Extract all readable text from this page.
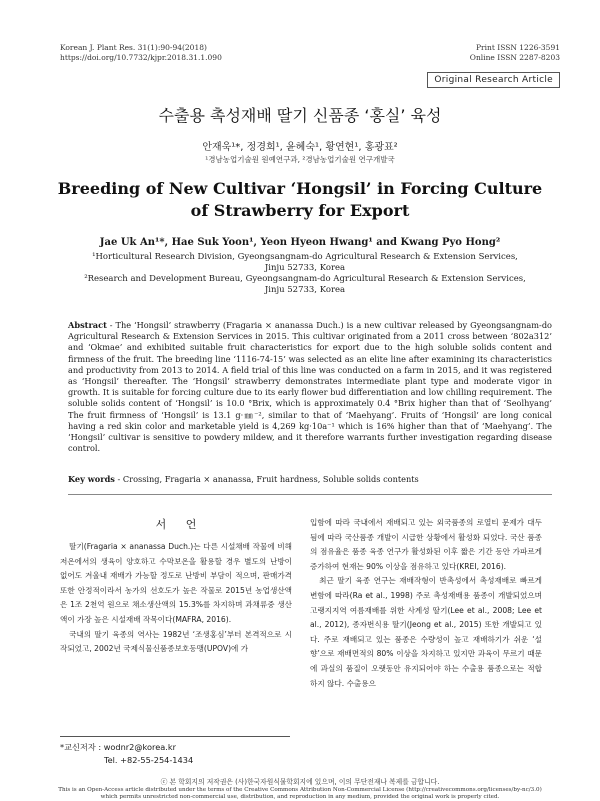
Korean J. Plant Res. 31(1):90-94(2018)
https://doi.org/10.7732/kjpr.2018.31.1.090
Print ISSN 1226-3591
Online ISSN 2287-8203
Original Research Article
수출용 촉성재배 딸기 신품종 ‘홍실’ 육성
안재욱¹*, 정경희¹, 윤혜숙¹, 황연현¹, 홍광표²
¹경남농업기술원 원예연구과, ²경남농업기술원 연구개발국
Breeding of New Cultivar ‘Hongsil’ in Forcing Culture
of Strawberry for Export
Jae Uk An¹*, Hae Suk Yoon¹, Yeon Hyeon Hwang¹ and Kwang Pyo Hong²
¹Horticultural Research Division, Gyeongsangnam-do Agricultural Research & Extension Services,
Jinju 52733, Korea
²Research and Development Bureau, Gyeongsangnam-do Agricultural Research & Extension Services,
Jinju 52733, Korea
Abstract - The ‘Hongsil’ strawberry (Fragaria × ananassa Duch.) is a new cultivar released by Gyeongsangnam-do Agricultural Research & Extension Services in 2015. This cultivar originated from a 2011 cross between ‘802a312’ and ‘Okmae’ and exhibited suitable fruit characteristics for export due to the high soluble solids content and firmness of the fruit. The breeding line ‘1116-74-15’ was selected as an elite line after examining its characteristics and productivity from 2013 to 2014. A field trial of this line was conducted on a farm in 2015, and it was registered as ‘Hongsil’ thereafter. The ‘Hongsil’ strawberry demonstrates intermediate plant type and moderate vigor in growth. It is suitable for forcing culture due to its early flower bud differentiation and low chilling requirement. The soluble solids content of ‘Hongsil’ is 10.0 °Brix, which is approximately 0.4 °Brix higher than that of ‘Seolhyang’ The fruit firmness of ‘Hongsil’ is 13.1 g·㎜⁻², similar to that of ‘Maehyang’. Fruits of ‘Hongsil’ are long conical having a red skin color and marketable yield is 4,269 kg·10a⁻¹ which is 16% higher than that of ‘Maehyang’. The ‘Hongsil’ cultivar is sensitive to powdery mildew, and it therefore warrants further investigation regarding disease control.
Key words - Crossing, Fragaria × ananassa, Fruit hardness, Soluble solids contents
서 언

딸기(Fragaria × ananassa Duch.)는 다른 시설채배 작물에 비해 저온에서의 생육이 양호하고 수막보온을 활용할 경우 별도의 난방이 없어도 겨울내 재배가 가능할 정도로 난방비 부담이 적으며, 판매가격 또한 안정적이라서 농가의 선호도가 높은 작물로 2015년 농업생산액은 1조 2천억 원으로 채소생산액의 15.3%를 차지하며 과채류중 생산액이 가장 높은 시설재배 작목이다(MAFRA, 2016).

국내의 딸기 육종의 역사는 1982년 ‘조생홍심’부터 본격적으로 시작되었고, 2002년 국제식물신품종보호동맹(UPOV)에 가

입함에 따라 국내에서 재배되고 있는 외국품종의 로열티 문제가 대두됨에 따라 국산품종 개발이 시급한 상황에서 활성화 되었다. 국산 품종의 점유율은 품종 육종 연구가 활성화된 이후 짧은 기간 동안 가파르게 증가하여 현재는 90% 이상을 점유하고 있다(KREI, 2016).

최근 딸기 육종 연구는 재배작형이 반촉성에서 촉성재배로 빠르게 변함에 따라(Ra et al., 1998) 주로 촉성재배용 품종이 개발되었으며 고랭지지역 여름재배를 위한 사계성 딸기(Lee et al., 2008; Lee et al., 2012), 종자번식용 딸기(Jeong et al., 2015) 또한 개발되고 있다. 주로 재배되고 있는 품종은 수량성이 높고 재배하기가 쉬운 ‘설향’으로 재배면적의 80% 이상을 차지하고 있지만 과육이 무르기 때문에 과실의 품질이 오랫동안 유지되어야 하는 수출용 품종으로는 적합하지 않다. 수출용으

*교신저자 : wodnr2@korea.kr
Tel. +82-55-254-1434
ⓒ 본 학회지의 저작권은 (사)한국자원식물학회지에 있으며, 이의 무단전재나 복제를 금합니다.
This is an Open-Access article distributed under the terms of the Creative Commons Attribution Non-Commercial License (http://creativecommons.org/licenses/by-nc/3.0)
which permits unrestricted non-commercial use, distribution, and reproduction in any medium, provided the original work is properly cited.
